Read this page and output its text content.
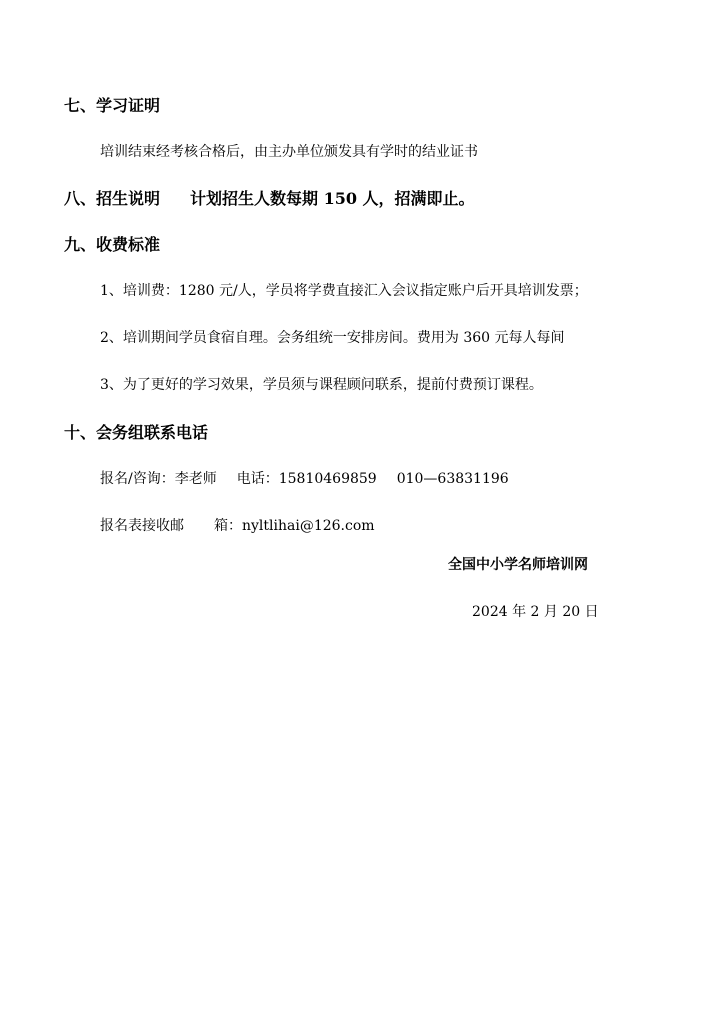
七、学习证明
培训结束经考核合格后，由主办单位颁发具有学时的结业证书
八、招生说明 计划招生人数每期 150 人，招满即止。
九、收费标准
1、培训费：1280 元/人，学员将学费直接汇入会议指定账户后开具培训发票；
2、培训期间学员食宿自理。会务组统一安排房间。费用为 360 元每人每间
3、为了更好的学习效果，学员须与课程顾问联系，提前付费预订课程。
十、会务组联系电话
报名/咨询：李老师 电话：15810469859 010—63831196
报名表接收邮 箱：nyltlihai@126.com
全国中小学名师培训网
2024 年 2 月 20 日
